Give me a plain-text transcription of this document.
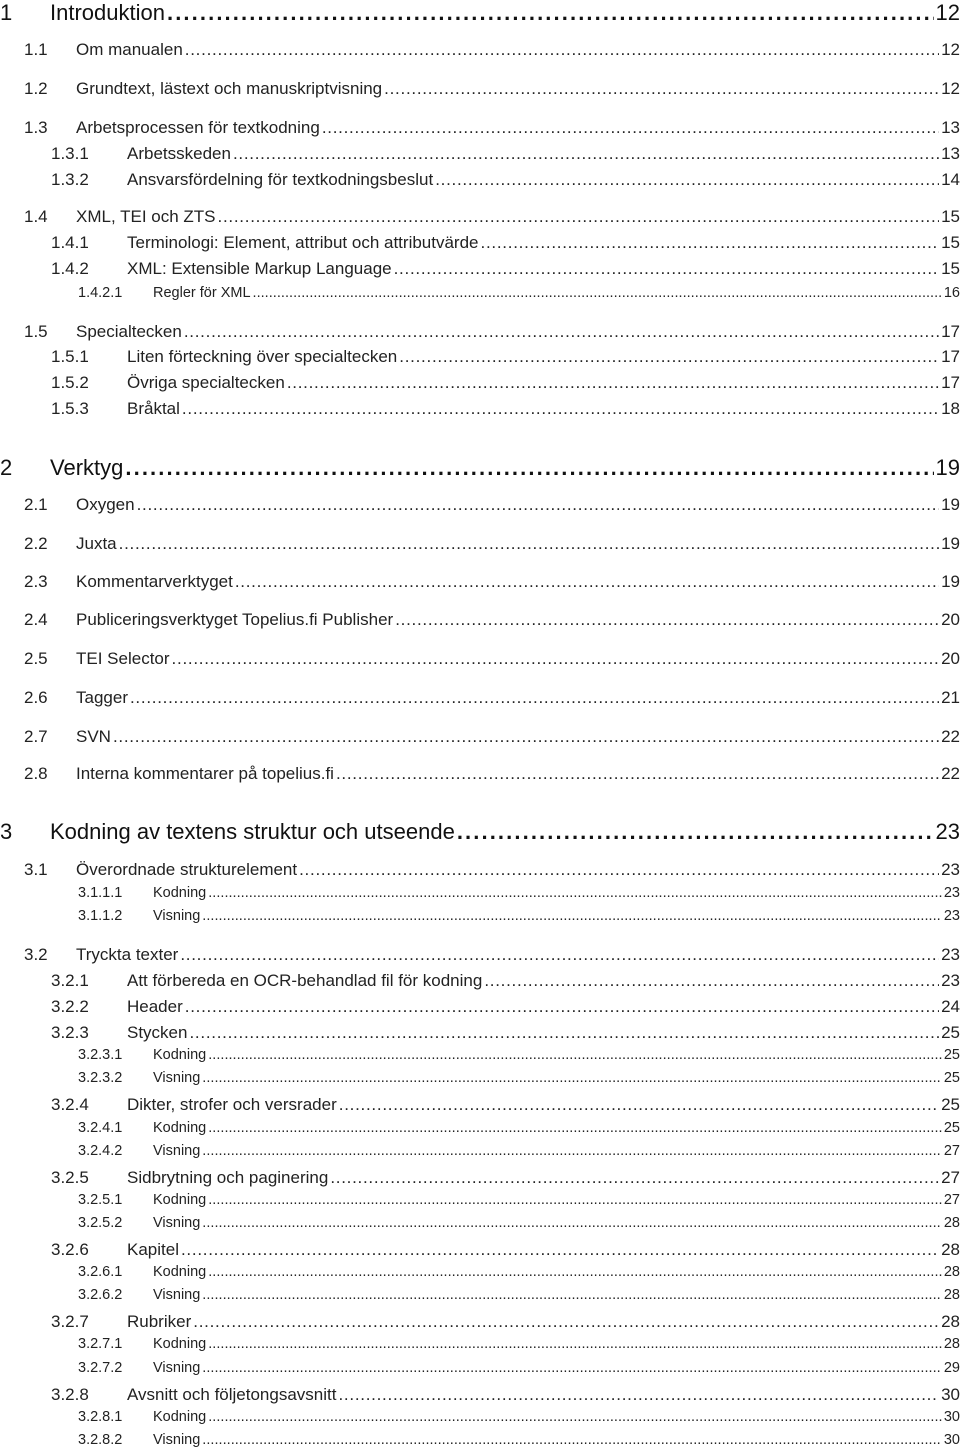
1	Introduktion . . .	12
1.1	Om manualen . . .	12
1.2	Grundtext, lästext och manuskriptvisning . . .	12
1.3	Arbetsprocessen för textkodning . . .	13
1.3.1	Arbetsskeden . . .	13
1.3.2	Ansvarsfördelning för textkodningsbeslut . . .	14
1.4	XML, TEI och ZTS . . .	15
1.4.1	Terminologi: Element, attribut och attributvärde . . .	15
1.4.2	XML: Extensible Markup Language . . .	15
1.4.2.1	Regler för XML . . .	16
1.5	Specialtecken . . .	17
1.5.1	Liten förteckning över specialtecken . . .	17
1.5.2	Övriga specialtecken . . .	17
1.5.3	Bråktal . . .	18
2	Verktyg . . .	19
2.1	Oxygen . . .	19
2.2	Juxta . . .	19
2.3	Kommentarverktyget . . .	19
2.4	Publiceringsverktyget Topelius.fi Publisher . . .	20
2.5	TEI Selector . . .	20
2.6	Tagger . . .	21
2.7	SVN . . .	22
2.8	Interna kommentarer på topelius.fi . . .	22
3	Kodning av textens struktur och utseende . . .	23
3.1	Överordnade strukturelement . . .	23
3.1.1.1	Kodning . . .	23
3.1.1.2	Visning . . .	23
3.2	Tryckta texter . . .	23
3.2.1	Att förbereda en OCR-behandlad fil för kodning . . .	23
3.2.2	Header . . .	24
3.2.3	Stycken . . .	25
3.2.3.1	Kodning . . .	25
3.2.3.2	Visning . . .	25
3.2.4	Dikter, strofer och versrader . . .	25
3.2.4.1	Kodning . . .	25
3.2.4.2	Visning . . .	27
3.2.5	Sidbrytning och paginering . . .	27
3.2.5.1	Kodning . . .	27
3.2.5.2	Visning . . .	28
3.2.6	Kapitel . . .	28
3.2.6.1	Kodning . . .	28
3.2.6.2	Visning . . .	28
3.2.7	Rubriker . . .	28
3.2.7.1	Kodning . . .	28
3.2.7.2	Visning . . .	29
3.2.8	Avsnitt och följetongsavsnitt . . .	30
3.2.8.1	Kodning . . .	30
3.2.8.2	Visning . . .	30
